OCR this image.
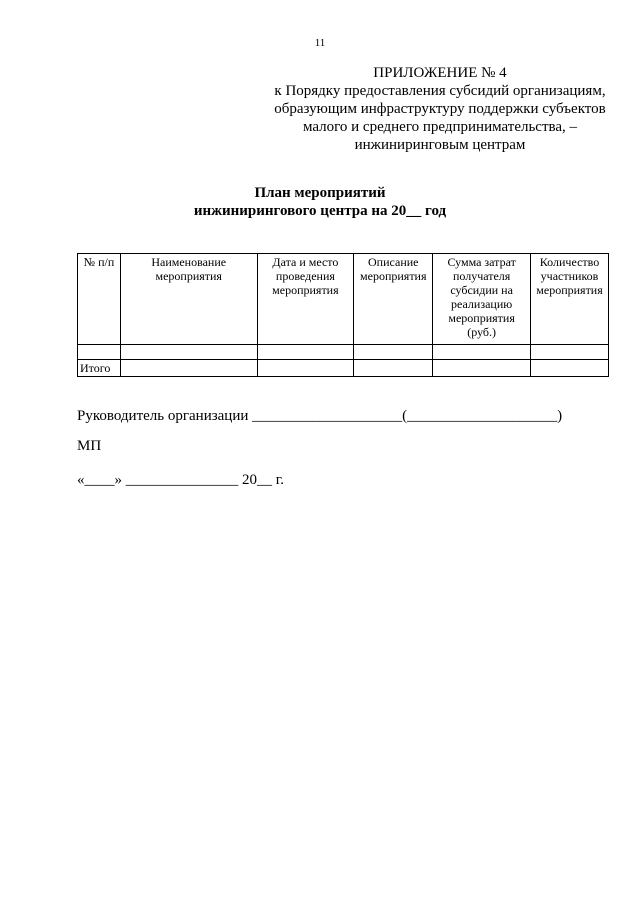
11
ПРИЛОЖЕНИЕ № 4
к Порядку предоставления субсидий организациям,
образующим инфраструктуру поддержки субъектов
малого и среднего предпринимательства, –
инжиниринговым центрам
План мероприятий
инжинирингового центра на 20__ год
№ п/п	Наименование мероприятия	Дата и место проведения мероприятия	Описание мероприятия	Сумма затрат получателя субсидии на реализацию мероприятия (руб.)	Количество участников мероприятия

Итого					
Руководитель организации ____________________(____________________)
МП
«____» _______________ 20__ г.
